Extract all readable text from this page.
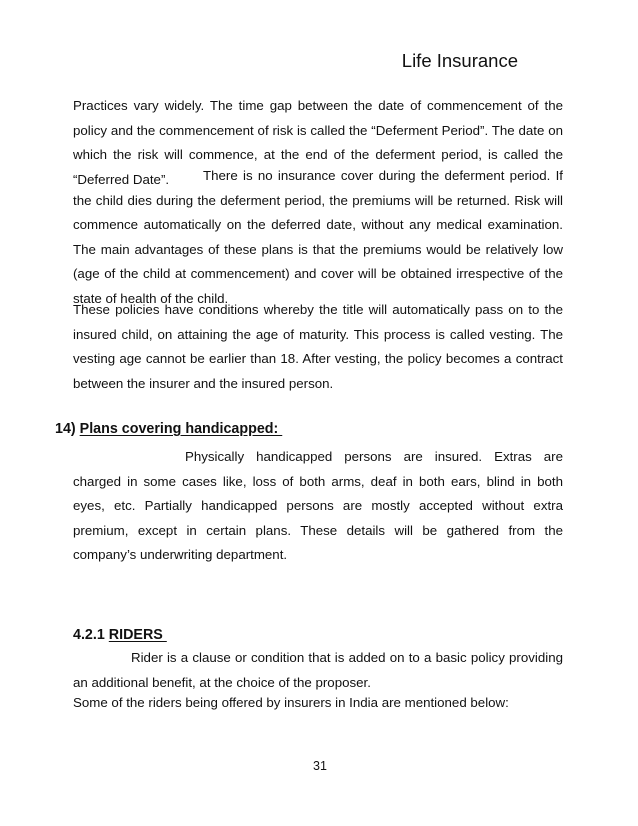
Life Insurance

Practices vary widely. The time gap between the date of commencement of the policy and the commencement of risk is called the “Deferment Period”. The date on which the risk will commence, at the end of the deferment period, is called the “Deferred Date”.	There is no insurance cover during the deferment period. If the child dies during the deferment period, the premiums will be returned. Risk will commence automatically on the deferred date, without any medical examination. The main advantages of these plans is that the premiums would be relatively low (age of the child at commencement) and cover will be obtained irrespective of the state of health of the child.

These policies have conditions whereby the title will automatically pass on to the insured child, on attaining the age of maturity. This process is called vesting. The vesting age cannot be earlier than 18. After vesting, the policy becomes a contract between the insurer and the insured person.

14) Plans covering handicapped:

Physically handicapped persons are insured. Extras are charged in some cases like, loss of both arms, deaf in both ears, blind in both eyes, etc. Partially handicapped persons are mostly accepted without extra premium, except in certain plans. These details will be gathered from the company’s underwriting department.

4.2.1 RIDERS

Rider is a clause or condition that is added on to a basic policy providing an additional benefit, at the choice of the proposer.

Some of the riders being offered by insurers in India are mentioned below:

31
